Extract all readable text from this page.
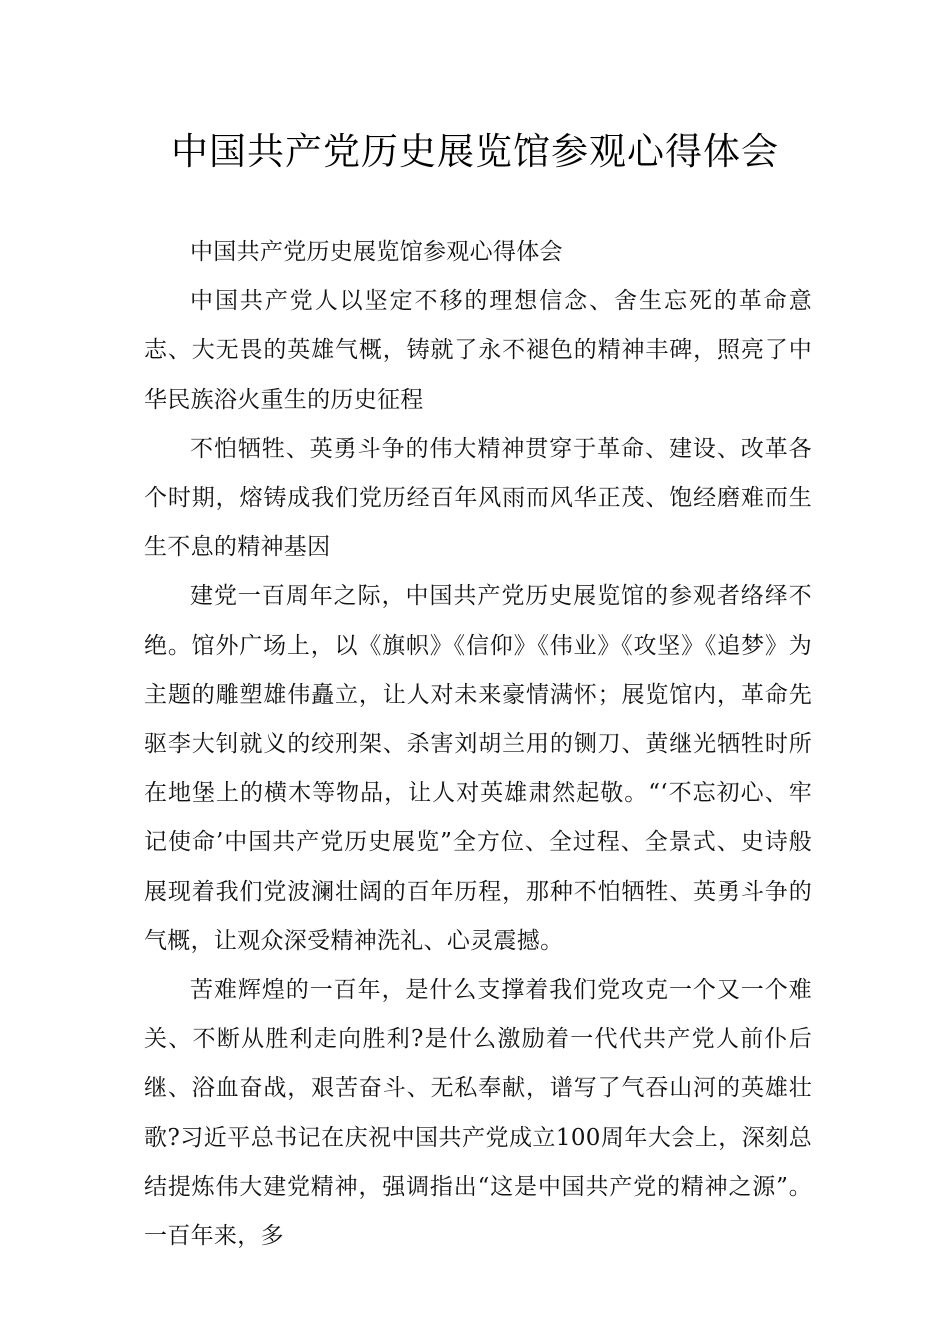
中国共产党历史展览馆参观心得体会

中国共产党历史展览馆参观心得体会

中国共产党人以坚定不移的理想信念、舍生忘死的革命意志、大无畏的英雄气概，铸就了永不褪色的精神丰碑，照亮了中华民族浴火重生的历史征程

不怕牺牲、英勇斗争的伟大精神贯穿于革命、建设、改革各个时期，熔铸成我们党历经百年风雨而风华正茂、饱经磨难而生生不息的精神基因

建党一百周年之际，中国共产党历史展览馆的参观者络绎不绝。馆外广场上，以《旗帜》《信仰》《伟业》《攻坚》《追梦》为主题的雕塑雄伟矗立，让人对未来豪情满怀；展览馆内，革命先驱李大钊就义的绞刑架、杀害刘胡兰用的铡刀、黄继光牺牲时所在地堡上的横木等物品，让人对英雄肃然起敬。“‘不忘初心、牢记使命’中国共产党历史展览”全方位、全过程、全景式、史诗般展现着我们党波澜壮阔的百年历程，那种不怕牺牲、英勇斗争的气概，让观众深受精神洗礼、心灵震撼。

苦难辉煌的一百年，是什么支撑着我们党攻克一个又一个难关、不断从胜利走向胜利?是什么激励着一代代共产党人前仆后继、浴血奋战，艰苦奋斗、无私奉献，谱写了气吞山河的英雄壮歌?习近平总书记在庆祝中国共产党成立100周年大会上，深刻总结提炼伟大建党精神，强调指出“这是中国共产党的精神之源”。一百年来，多
